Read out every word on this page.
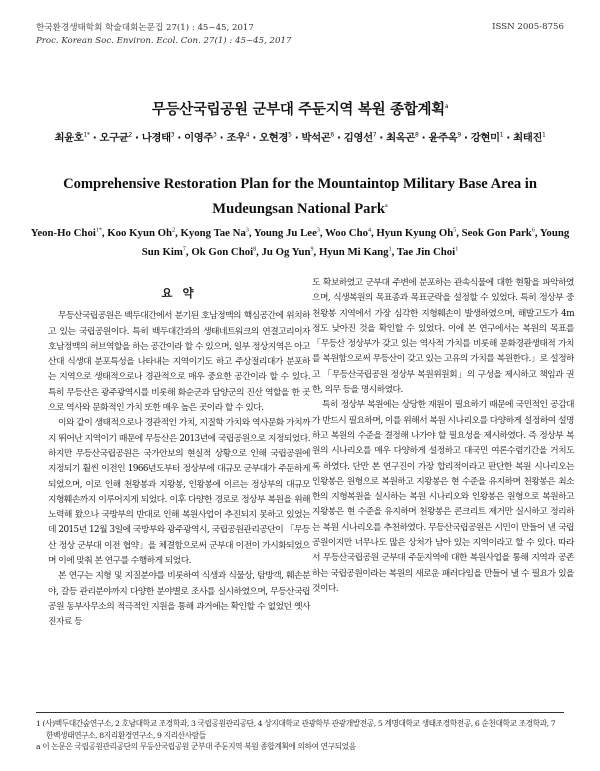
한국환경생태학회 학술대회논문집 27(1) : 45~45, 2017
Proc. Korean Soc. Environ. Ecol. Con. 27(1) : 45~45, 2017
ISSN 2005-8756
무등산국립공원 군부대 주둔지역 복원 종합계획$^a$
최윤호$^{1*}$ · 오구균$^2$ · 나경태$^3$ · 이영주$^3$ · 조우$^4$ · 오현경$^5$ · 박석곤$^6$ · 김영선$^7$ · 최옥곤$^8$ · 윤주옥$^9$ · 강현미$^1$ · 최태진$^1$
Comprehensive Restoration Plan for the Mountaintop Military Base Area in Mudeungsan National Park$^a$
Yeon-Ho Choi$^{1*}$, Koo Kyun Oh$^2$, Kyong Tae Na$^3$, Young Ju Lee$^3$, Woo Cho$^4$, Hyun Kyung Oh$^5$, Seok Gon Park$^6$, Young Sun Kim$^7$, Ok Gon Choi$^8$, Ju Og Yun$^9$, Hyun Mi Kang$^1$, Tae Jin Choi$^1$
요 약

무등산국립공원은 백두대간에서 분기된 호남정맥의 핵심공간에 위치하고 있는 국립공원이다. 특히 백두대간과의 생태네트워크의 연결고리이자 호남정맥의 허브역할을 하는 공간이라 할 수 있으며, 일부 정상지역은 아고산대 식생대 분포특성을 나타내는 지역이기도 하고 주상절리대가 분포하는 지역으로 생태적으로나 경관적으로 매우 중요한 공간이라 할 수 있다. 특히 무등산은 광주광역시를 비롯해 화순군과 담양군의 진산 역할을 한 곳으로 역사와 문화적인 가치 또한 매우 높은 곳이라 할 수 있다.

이와 같이 생태적으로나 경관적인 가치, 지질학 가치와 역사문화 가치까지 뛰어난 지역이기 때문에 무등산은 2013년에 국립공원으로 지정되었다. 하지만 무등산국립공원은 국가안보의 현실적 상황으로 인해 국립공원에 지정되기 훨씬 이전인 1966년도부터 정상부에 대규모 군부대가 주둔하게 되었으며, 이로 인해 천왕봉과 지왕봉, 인왕봉에 이르는 정상부의 대규모 지형훼손까지 이루어지게 되었다. 이후 다양한 경로로 정상부 복원을 위해 노력해 왔으나 국방부의 반대로 인해 복원사업이 추진되지 못하고 있었는데 2015년 12월 3일에 국방부와 광주광역시, 국립공원관리공단이 「무등산 정상 군부대 이전 협약」을 체결함으로써 군부대 이전이 가시화되었으며 이에 맞춰 본 연구를 수행하게 되었다.

본 연구는 지형 및 지질분야를 비롯하여 식생과 식물상, 탐방객, 훼손분야, 갈등 관리분야까지 다양한 분야별로 조사를 실시하였으며, 무등산국립공원 동부사무소의 적극적인 지원을 통해 과거에는 확인할 수 없었던 옛사진자료 등

도 확보하였고 군부대 주변에 분포하는 관속식물에 대한 현황을 파악하였으며, 식생복원의 목표종과 목표군락을 설정할 수 있었다. 특히 정상부 중 천왕봉 지역에서 가장 심각한 지형훼손이 발생하였으며, 해발고도가 4m 정도 낮아진 것을 확인할 수 있었다. 이에 본 연구에서는 복원의 목표를 「무등산 정상부가 갖고 있는 역사적 가치를 비롯해 문화경관생태적 가치를 복원함으로써 무등산이 갖고 있는 고유의 가치를 복원한다.」로 설정하고 「무등산국립공원 정상부 복원위원회」의 구성을 제시하고 책임과 권한, 의무 등을 명시하였다.

특히 정상부 복원에는 상당한 재원이 필요하기 때문에 국민적인 공감대가 반드시 필요하며, 이를 위해서 복원 시나리오를 다양하게 설정하여 설명하고 복원의 수준을 결정해 나가야 할 필요성을 제시하였다. 즉 정상부 복원의 시나리오를 매우 다양하게 설정하고 대국민 여론수렴기간을 거치도록 하였다. 단만 본 연구진이 가장 합리적이라고 판단한 복원 시나리오는 인왕봉은 원형으로 복원하고 지왕봉은 현 수준을 유지하며 천왕봉은 최소한의 지형복원을 실시하는 복원 시나리오와 인왕봉은 원형으로 복원하고 지왕봉은 현 수준을 유지하며 천왕봉은 콘크리트 제거만 실시하고 정리하는 복원 시나리오를 추천하였다. 무등산국립공원은 시민이 만들어 낸 국립공원이지만 너무나도 많은 상처가 남아 있는 지역이라고 할 수 있다. 따라서 무등산국립공원 군부대 주둔지역에 대한 복원사업을 통해 지역과 공존하는 국립공원이라는 복원의 새로운 패러다임을 만들어 낼 수 필요가 있을 것이다.

1 (사)백두대간숲연구소, 2 호남대학교 조경학과, 3 국립공원관리공단, 4 상지대학교 관광학부 관광개발전공, 5 계명대학교 생태조경학전공, 6 순천대학교 조경학과, 7 한백생태연구소, 8지리환경연구소, 9 지리산사람들
a 이 논문은 국립공원관리공단의 무등산국립공원 군부대 주둔지역 복원 종합계획에 의하여 연구되었음
